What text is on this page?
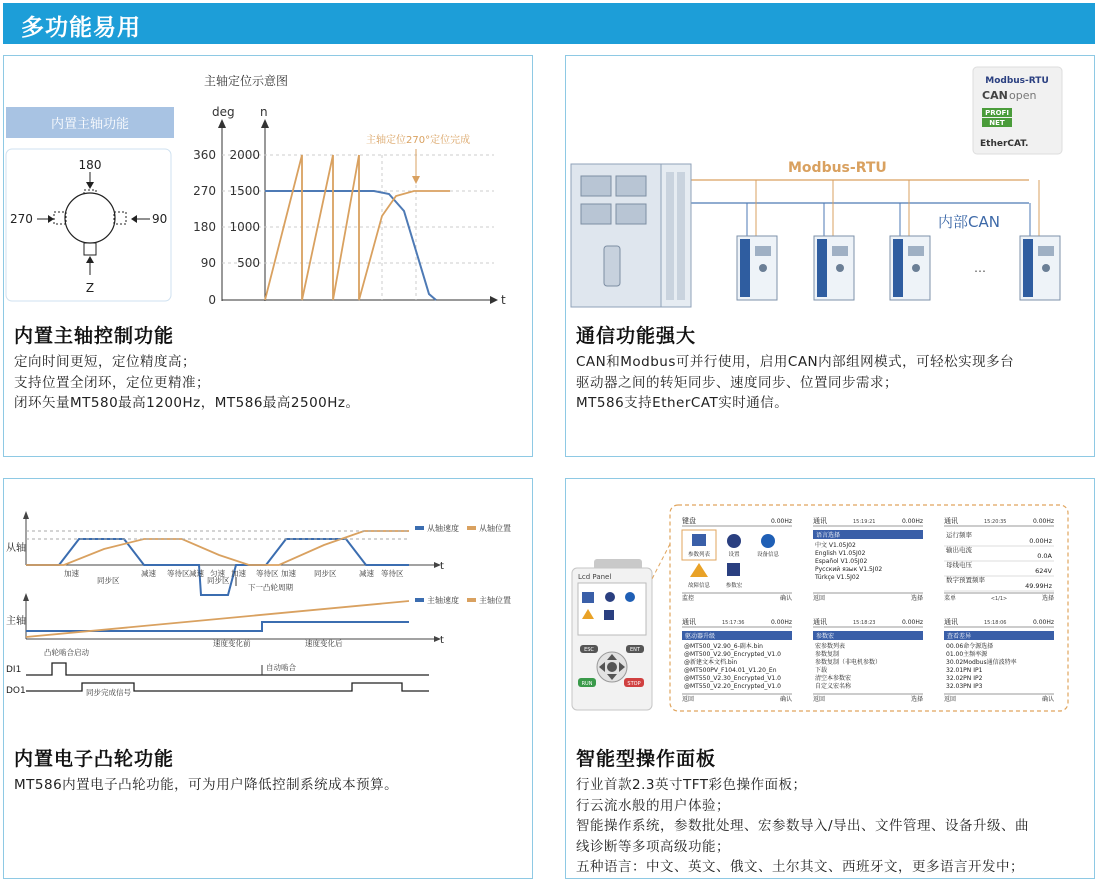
多功能易用
主轴定位示意图
内置主轴功能
180
270	90
Z
deg n
t
360 2000
270 1500
180 1000
90 500
0
主轴定位270°定位完成
内置主轴控制功能
定向时间更短，定位精度高；
支持位置全闭环，定位更精准；
闭环矢量MT580最高1200Hz，MT586最高2500Hz。
Modbus-RTU
CAN open
PROFI
NET
EtherCAT.
Modbus-RTU
内部CAN
…
通信功能强大
CAN和Modbus可并行使用，启用CAN内部组网模式，可轻松实现多台
驱动器之间的转矩同步、速度同步、位置同步需求；
MT586支持EtherCAT实时通信。
从轴
t
从轴速度	从轴位置
加速
同步区
减速 等待区 减速 匀速 加速
同步区
等待区 加速 同步区	减速 等待区
下一凸轮周期
主轴
t
主轴速度	主轴位置
速度变化前	速度变化后
凸轮啮合启动
DI1	自动啮合
DO1	同步完成信号
内置电子凸轮功能
MT586内置电子凸轮功能，可为用户降低控制系统成本预算。
Lcd Panel
ESC	ENT
RUN	STOP
键盘	0.00Hz
参数列表	设置	设备信息
故障信息	参数宏
监控	确认
通讯	15:19:21	0.00Hz
语言选择
中文 V1.05J02
English V1.05J02
Español V1.05J02
Русский язык V1.5J02
Türkçe V1.5J02
返回	选择
通讯	15:20:35	0.00Hz
运行频率
0.00Hz
输出电流
0.0A
母线电压
624V
数字预置频率
49.99Hz
菜单	<1/1>	选择
通讯	15:17:36	0.00Hz
驱动器升级
@MT500_V2.90_6-副本.bin
@MT500_V2.90_Encrypted_V1.0
@新建文本文档.bin
@MT500PV_F104.01_V1.20_En
@MT550_V2.30_Encrypted_V1.0
@MT550_V2.20_Encrypted_V1.0
返回	确认
通讯	15:18:23	0.00Hz
参数宏
宏参数列表
参数复制
参数复制（非电机参数）
下载
清空本参数宏
自定义宏名称
返回	选择
通讯	15:18:06	0.00Hz
查看差异
00.06命令源选择
01.00主频率源
30.02Modbus通信波特率
32.01PN IP1
32.02PN IP2
32.03PN IP3
返回	确认
智能型操作面板
行业首款2.3英寸TFT彩色操作面板；
行云流水般的用户体验；
智能操作系统，参数批处理、宏参数导入/导出、文件管理、设备升级、曲
线诊断等多项高级功能；
五种语言：中文、英文、俄文、土尔其文、西班牙文，更多语言开发中；
